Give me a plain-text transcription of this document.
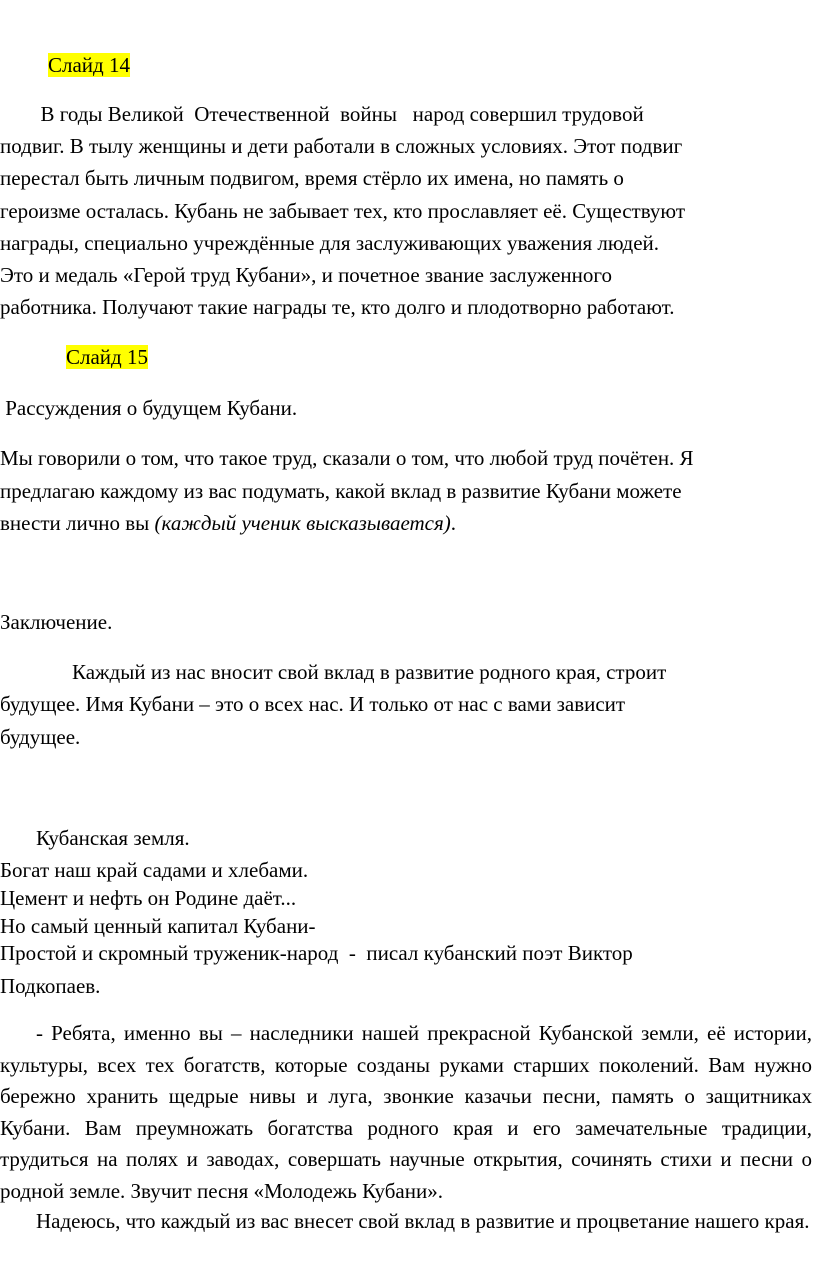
Слайд 14
В годы Великой  Отечественной  войны   народ совершил трудовой
подвиг. В тылу женщины и дети работали в сложных условиях. Этот подвиг
перестал быть личным подвигом, время стёрло их имена, но память о
героизме осталась. Кубань не забывает тех, кто прославляет её. Существуют
награды, специально учреждённые для заслуживающих уважения людей.
Это и медаль «Герой труд Кубани», и почетное звание заслуженного
работника. Получают такие награды те, кто долго и плодотворно работают.
Слайд 15
Рассуждения о будущем Кубани.
Мы говорили о том, что такое труд, сказали о том, что любой труд почётен. Я
предлагаю каждому из вас подумать, какой вклад в развитие Кубани можете
внести лично вы (каждый ученик высказывается).
Заключение.
Каждый из нас вносит свой вклад в развитие родного края, строит
будущее. Имя Кубани – это о всех нас. И только от нас с вами зависит
будущее.
Кубанская земля.
Богат наш край садами и хлебами.
Цемент и нефть он Родине даёт...
Но самый ценный капитал Кубани-
Простой и скромный труженик-народ  -  писал кубанский поэт Виктор
Подкопаев.
- Ребята, именно вы – наследники нашей прекрасной Кубанской земли, её истории, культуры, всех тех богатств, которые созданы руками старших поколений. Вам нужно бережно хранить щедрые нивы и луга, звонкие казачьи песни, память о защитниках Кубани. Вам преумножать богатства родного края и его замечательные традиции, трудиться на полях и заводах, совершать научные открытия, сочинять стихи и песни о родной земле. Звучит песня «Молодежь Кубани».
Надеюсь, что каждый из вас внесет свой вклад в развитие и процветание нашего края.
